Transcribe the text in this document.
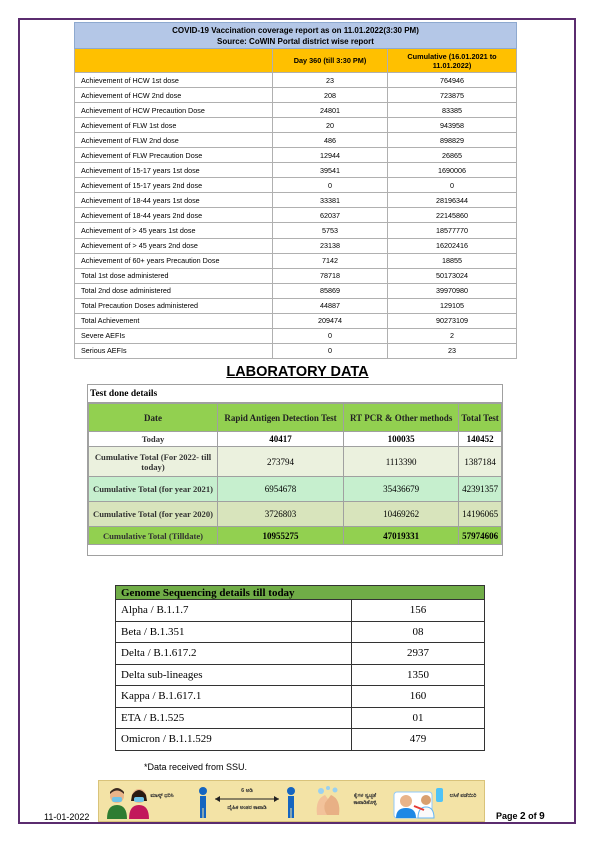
COVID-19 Vaccination coverage report as on 11.01.2022(3:30 PM)
Source: CoWIN Portal district wise report		

	Day 360 (till 3:30 PM)	Cumulative (16.01.2021 to 11.01.2022)
Achievement of HCW 1st dose	23	764946
Achievement of HCW 2nd dose	208	723875
Achievement of HCW Precaution Dose	24801	83385
Achievement of FLW 1st dose	20	943958
Achievement of FLW 2nd dose	486	898829
Achievement of FLW Precaution Dose	12944	26865
Achievement of 15-17 years 1st dose	39541	1690006
Achievement of 15-17 years 2nd dose	0	0
Achievement of 18-44 years 1st dose	33381	28196344
Achievement of 18-44 years 2nd dose	62037	22145860
Achievement of > 45 years 1st dose	5753	18577770
Achievement of > 45 years 2nd dose	23138	16202416
Achievement of 60+ years Precaution Dose	7142	18855
Total 1st dose administered	78718	50173024
Total 2nd dose administered	85869	39970980
Total Precaution Doses administered	44887	129105
Total Achievement	209474	90273109
Severe AEFIs	0	2
Serious AEFIs	0	23
LABORATORY DATA
Test done details
Date	Rapid Antigen Detection Test	RT PCR & Other methods	Total Test
Today	40417	100035	140452
Cumulative Total (For 2022- till today)	273794	1113390	1387184
Cumulative Total (for year 2021)	6954678	35436679	42391357
Cumulative Total (for year 2020)	3726803	10469262	14196065
Cumulative Total (Tilldate)	10955275	47019331	57974606
Genome Sequencing details till today	
Alpha / B.1.1.7	156
Beta / B.1.351	08
Delta / B.1.617.2	2937
Delta sub-lineages	1350
Kappa / B.1.617.1	160
ETA / B.1.525	01
Omicron / B.1.1.529	479
*Data received from SSU.
ಮಾಸ್ಕ್ ಧರಿಸಿ
6 ಅಡಿ
ದೈಹಿಕ ಅಂತರ ಕಾಪಾಡಿ
ಕೈಗಳ ಸ್ವಚ್ಛತೆ ಕಾಪಾಡಿಕೊಳ್ಳಿ
ಲಸಿಕೆ ಪಡೆಯಿರಿ
11-01-2022	Page 2 of 9
